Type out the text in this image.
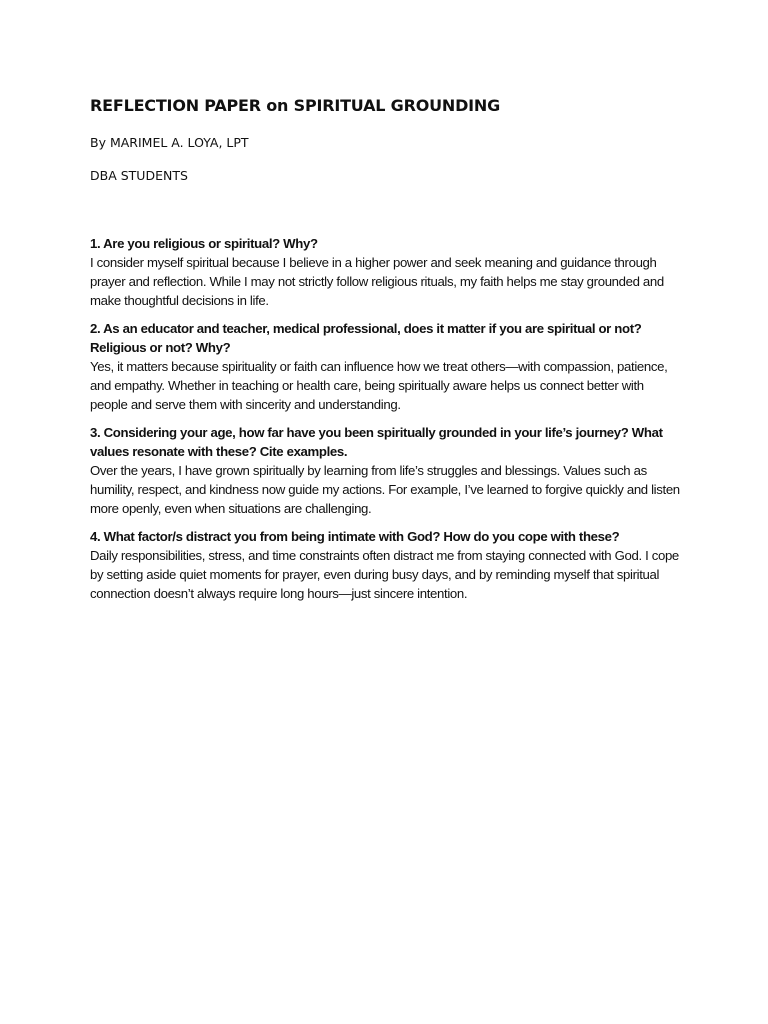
REFLECTION PAPER on SPIRITUAL GROUNDING

By MARIMEL A. LOYA, LPT

DBA STUDENTS

1. Are you religious or spiritual? Why?

I consider myself spiritual because I believe in a higher power and seek meaning and guidance through prayer and reflection. While I may not strictly follow religious rituals, my faith helps me stay grounded and make thoughtful decisions in life.

2. As an educator and teacher, medical professional, does it matter if you are spiritual or not? Religious or not? Why?

Yes, it matters because spirituality or faith can influence how we treat others—with compassion, patience, and empathy. Whether in teaching or health care, being spiritually aware helps us connect better with people and serve them with sincerity and understanding.

3. Considering your age, how far have you been spiritually grounded in your life’s journey? What values resonate with these? Cite examples.

Over the years, I have grown spiritually by learning from life’s struggles and blessings. Values such as humility, respect, and kindness now guide my actions. For example, I’ve learned to forgive quickly and listen more openly, even when situations are challenging.

4. What factor/s distract you from being intimate with God? How do you cope with these?

Daily responsibilities, stress, and time constraints often distract me from staying connected with God. I cope by setting aside quiet moments for prayer, even during busy days, and by reminding myself that spiritual connection doesn’t always require long hours—just sincere intention.
